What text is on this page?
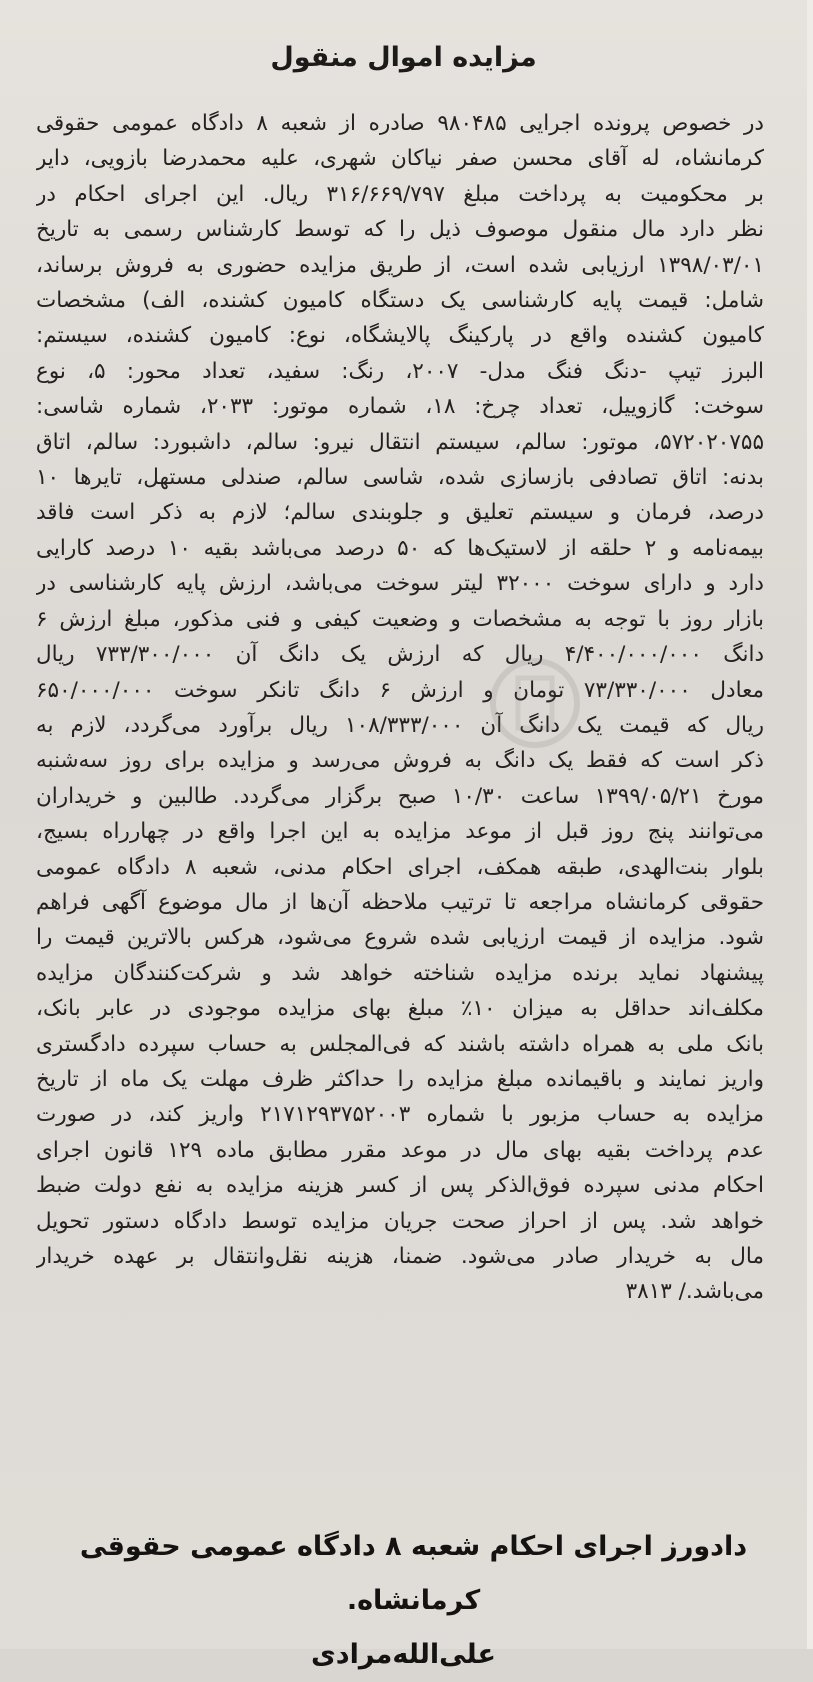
مزایده اموال منقول
در خصوص پرونده اجرایی ۹۸۰۴۸۵ صادره از شعبه ۸ دادگاه عمومی حقوقی
کرمانشاه، له آقای محسن صفر نیاکان شهری، علیه محمدرضا بازویی، دایر
بر محکومیت به پرداخت مبلغ ۳۱۶/۶۶۹/۷۹۷ ریال. این اجرای احکام در
نظر دارد مال منقول موصوف ذیل را که توسط کارشناس رسمی به تاریخ
۱۳۹۸/۰۳/۰۱ ارزیابی شده است، از طریق مزایده حضوری به فروش برساند،
شامل: قیمت پایه کارشناسی یک دستگاه کامیون کشنده، الف) مشخصات
کامیون کشنده واقع در پارکینگ پالایشگاه، نوع: کامیون کشنده، سیستم:
البرز تیپ -دنگ فنگ مدل- ۲۰۰۷، رنگ: سفید، تعداد محور: ۵، نوع
سوخت: گازوییل، تعداد چرخ: ۱۸، شماره موتور: ۲۰۳۳، شماره شاسی:
۵۷۲۰۲۰۷۵۵، موتور: سالم، سیستم انتقال نیرو: سالم، داشبورد: سالم، اتاق
بدنه: اتاق تصادفی بازسازی شده، شاسی سالم، صندلی مستهل، تایرها ۱۰
درصد، فرمان و سیستم تعلیق و جلوبندی سالم؛ لازم به ذکر است فاقد
بیمه‌نامه و ۲ حلقه از لاستیک‌ها که ۵۰ درصد می‌باشد بقیه ۱۰ درصد کارایی
دارد و دارای سوخت ۳۲۰۰۰ لیتر سوخت می‌باشد، ارزش پایه کارشناسی در
بازار روز با توجه به مشخصات و وضعیت کیفی و فنی مذکور، مبلغ ارزش ۶
دانگ ۴/۴۰۰/۰۰۰/۰۰۰ ریال که ارزش یک دانگ آن ۷۳۳/۳۰۰/۰۰۰ ریال
معادل ۷۳/۳۳۰/۰۰۰ تومان و ارزش ۶ دانگ تانکر سوخت ۶۵۰/۰۰۰/۰۰۰
ریال که قیمت یک دانگ آن ۱۰۸/۳۳۳/۰۰۰ ریال برآورد می‌گردد، لازم به
ذکر است که فقط یک دانگ به فروش می‌رسد و مزایده برای روز سه‌شنبه
مورخ ۱۳۹۹/۰۵/۲۱ ساعت ۱۰/۳۰ صبح برگزار می‌گردد. طالبین و خریداران
می‌توانند پنج روز قبل از موعد مزایده به این اجرا واقع در چهارراه بسیج،
بلوار بنت‌الهدی، طبقه همکف، اجرای احکام مدنی، شعبه ۸ دادگاه عمومی
حقوقی کرمانشاه مراجعه تا ترتیب ملاحظه آن‌ها از مال موضوع آگهی فراهم
شود. مزایده از قیمت ارزیابی شده شروع می‌شود، هرکس بالاترین قیمت را
پیشنهاد نماید برنده مزایده شناخته خواهد شد و شرکت‌کنندگان مزایده
مکلف‌اند حداقل به میزان ۱۰٪ مبلغ بهای مزایده موجودی در عابر بانک،
بانک ملی به همراه داشته باشند که فی‌المجلس به حساب سپرده دادگستری
واریز نمایند و باقیمانده مبلغ مزایده را حداکثر ظرف مهلت یک ماه از تاریخ
مزایده به حساب مزبور با شماره ۲۱۷۱۲۹۳۷۵۲۰۰۳ واریز کند، در صورت
عدم پرداخت بقیه بهای مال در موعد مقرر مطابق ماده ۱۲۹ قانون اجرای
احکام مدنی سپرده فوق‌الذکر پس از کسر هزینه مزایده به نفع دولت ضبط
خواهد شد. پس از احراز صحت جریان مزایده توسط دادگاه دستور تحویل
مال به خریدار صادر می‌شود. ضمنا، هزینه نقل‌وانتقال بر عهده خریدار
می‌باشد./ ۳۸۱۳
دادورز اجرای احکام شعبه ۸ دادگاه عمومی حقوقی کرمانشاه.
علی‌الله‌مرادی
